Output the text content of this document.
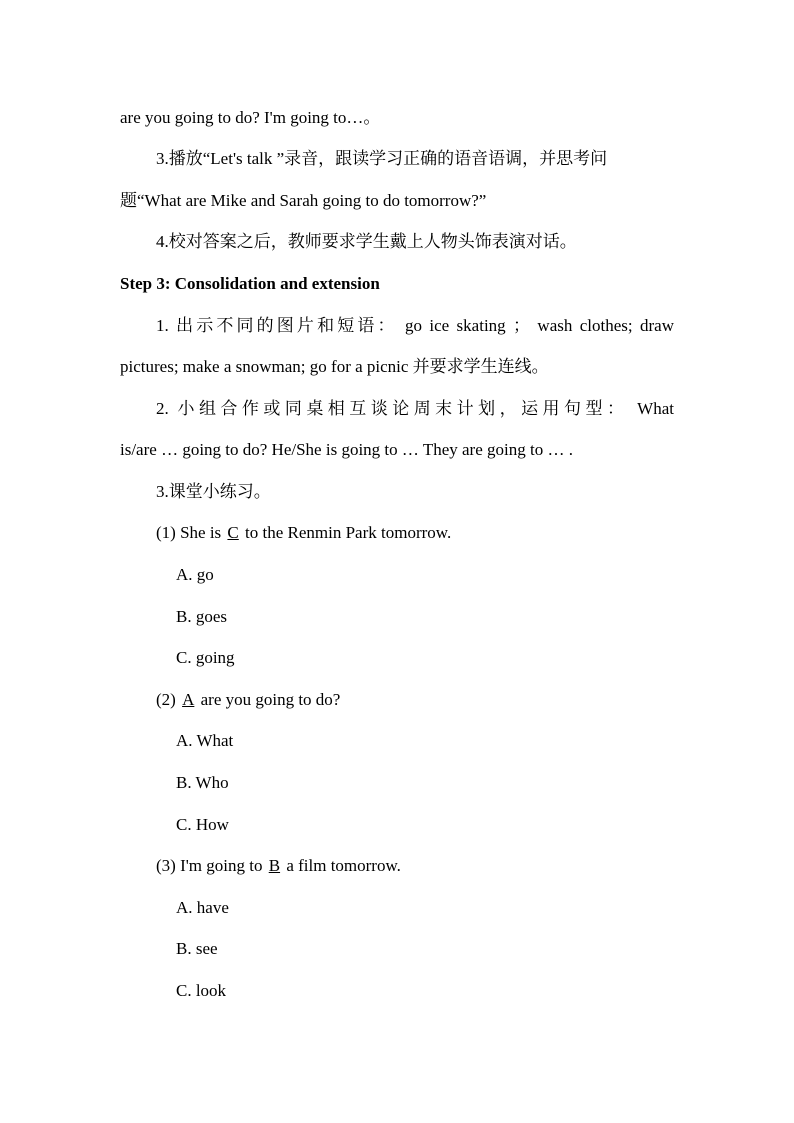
are you going to do? I'm going to…。
3.播放“Let's talk ”录音，跟读学习正确的语音语调，并思考问
题“What are Mike and Sarah going to do tomorrow?”
4.校对答案之后，教师要求学生戴上人物头饰表演对话。
Step 3: Consolidation and extension
1. 出示不同的图片和短语： go ice skating ； wash clothes; draw
pictures; make a snowman; go for a picnic 并要求学生连线。
2. 小组合作或同桌相互谈论周末计划，运用句型： What
is/are … going to do? He/She is going to … They are going to … .
3.课堂小练习。
(1) She is C to the Renmin Park tomorrow.
A. go
B. goes
C. going
(2) A are you going to do?
A. What
B. Who
C. How
(3) I'm going to B a film tomorrow.
A. have
B. see
C. look
